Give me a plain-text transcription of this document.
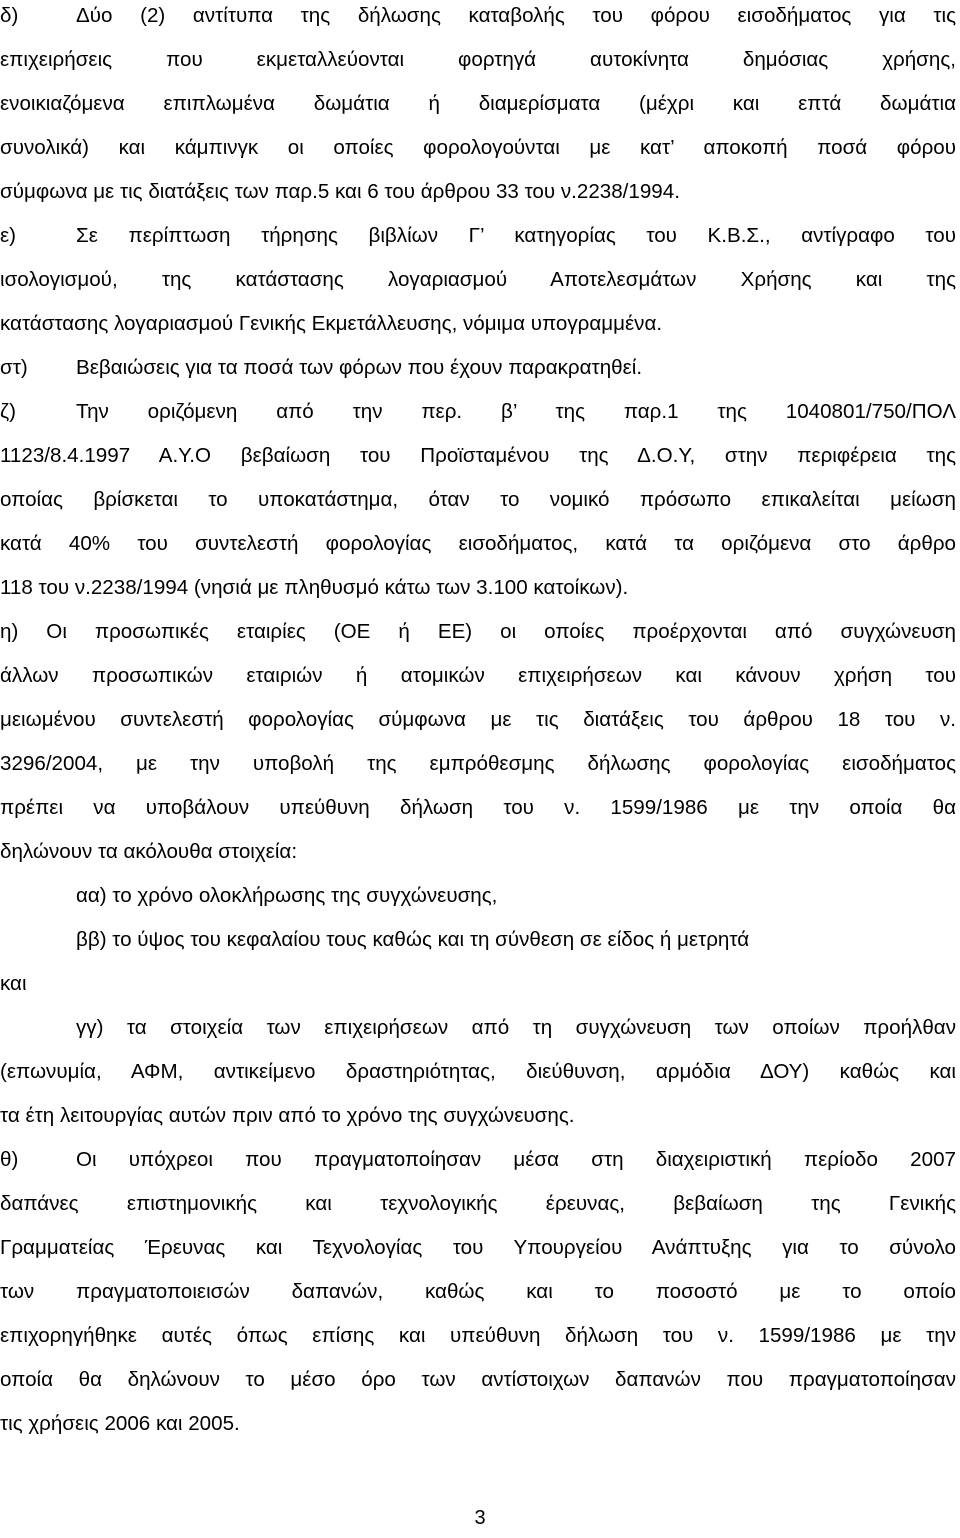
δ)	Δύο (2) αντίτυπα της δήλωσης καταβολής του φόρου εισοδήματος για τις
επιχειρήσεις που εκμεταλλεύονται φορτηγά αυτοκίνητα δημόσιας χρήσης,
ενοικιαζόμενα επιπλωμένα δωμάτια ή διαμερίσματα (μέχρι και επτά δωμάτια
συνολικά) και κάμπινγκ οι οποίες φορολογούνται με κατ’ αποκοπή ποσά φόρου
σύμφωνα με τις διατάξεις των παρ.5 και 6 του άρθρου 33 του ν.2238/1994.
ε)	Σε περίπτωση τήρησης βιβλίων Γ’ κατηγορίας του Κ.Β.Σ., αντίγραφο του
ισολογισμού, της κατάστασης λογαριασμού Αποτελεσμάτων Χρήσης και της
κατάστασης λογαριασμού Γενικής Εκμετάλλευσης, νόμιμα υπογραμμένα.
στ) Βεβαιώσεις για τα ποσά των φόρων που έχουν παρακρατηθεί.
ζ)	Την οριζόμενη από την περ. β’ της παρ.1 της 1040801/750/ΠΟΛ
1123/8.4.1997 Α.Υ.Ο βεβαίωση του Προϊσταμένου της Δ.Ο.Υ, στην περιφέρεια της
οποίας βρίσκεται το υποκατάστημα, όταν το νομικό πρόσωπο επικαλείται μείωση
κατά 40% του συντελεστή φορολογίας εισοδήματος, κατά τα οριζόμενα στο άρθρο
118 του ν.2238/1994 (νησιά με πληθυσμό κάτω των 3.100 κατοίκων).
η) Οι προσωπικές εταιρίες (ΟΕ ή ΕΕ) οι οποίες προέρχονται από συγχώνευση
άλλων προσωπικών εταιριών ή ατομικών επιχειρήσεων και κάνουν χρήση του
μειωμένου συντελεστή φορολογίας σύμφωνα με τις διατάξεις του άρθρου 18 του ν.
3296/2004, με την υποβολή της εμπρόθεσμης δήλωσης φορολογίας εισοδήματος
πρέπει να υποβάλουν υπεύθυνη δήλωση του ν. 1599/1986 με την οποία θα
δηλώνουν τα ακόλουθα στοιχεία:
αα) το χρόνο ολοκλήρωσης της συγχώνευσης,
ββ) το ύψος του κεφαλαίου τους καθώς και τη σύνθεση σε είδος ή μετρητά
και
γγ) τα στοιχεία των επιχειρήσεων από τη συγχώνευση των οποίων προήλθαν
(επωνυμία, ΑΦΜ, αντικείμενο δραστηριότητας, διεύθυνση, αρμόδια ΔΟΥ) καθώς και
τα έτη λειτουργίας αυτών πριν από το χρόνο της συγχώνευσης.
θ)	Οι υπόχρεοι που πραγματοποίησαν μέσα στη διαχειριστική περίοδο 2007
δαπάνες επιστημονικής και τεχνολογικής έρευνας, βεβαίωση της Γενικής
Γραμματείας Έρευνας και Τεχνολογίας του Υπουργείου Ανάπτυξης για το σύνολο
των πραγματοποιεισών δαπανών, καθώς και το ποσοστό με το οποίο
επιχορηγήθηκε αυτές όπως επίσης και υπεύθυνη δήλωση του ν. 1599/1986 με την
οποία θα δηλώνουν το μέσο όρο των αντίστοιχων δαπανών που πραγματοποίησαν
τις χρήσεις 2006 και 2005.
3
